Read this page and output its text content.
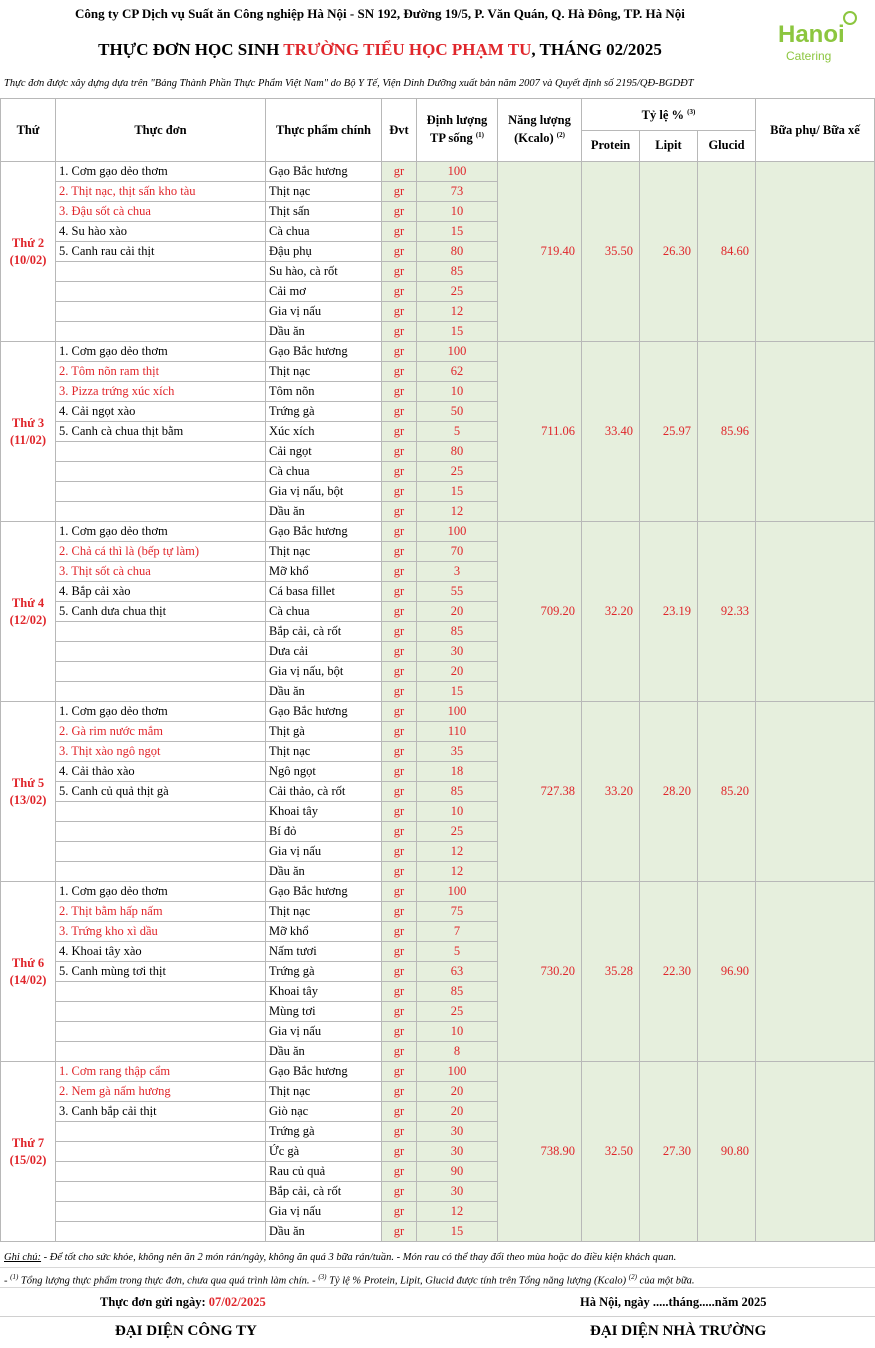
Công ty CP Dịch vụ Suất ăn Công nghiệp Hà Nội - SN 192, Đường 19/5, P. Văn Quán, Q. Hà Đông, TP. Hà Nội
THỰC ĐƠN HỌC SINH TRƯỜNG TIỂU HỌC PHẠM TU, THÁNG 02/2025
Hanoi
Catering
Thực đơn được xây dựng dựa trên "Bảng Thành Phần Thực Phẩm Việt Nam" do Bộ Y Tế, Viện Dinh Dưỡng xuất bản năm 2007 và Quyết định số 2195/QĐ-BGDĐT
Thứ	Thực đơn	Thực phẩm chính	Đvt	Định lượng TP sống $^{(1)}$	Năng lượng (Kcalo) $^{(2)}$	Tỷ lệ % $^{(3)}$			Bữa phụ/ Bữa xế
						Protein	Lipit	Glucid	

Thứ 2
(10/02)	1. Cơm gạo dẻo thơm	Gạo Bắc hương	gr	100	719.40	35.50	26.30	84.60	
	2. Thịt nạc, thịt sấn kho tàu	Thịt nạc	gr	73					
	3. Đậu sốt cà chua	Thịt sấn	gr	10					
	4. Su hào xào	Cà chua	gr	15					
	5. Canh rau cải thịt	Đậu phụ	gr	80					
		Su hào, cà rốt	gr	85					
		Cải mơ	gr	25					
		Gia vị nấu	gr	12					
		Dầu ăn	gr	15					

Thứ 3
(11/02)	1. Cơm gạo dẻo thơm	Gạo Bắc hương	gr	100	711.06	33.40	25.97	85.96	
	2. Tôm nõn ram thịt	Thịt nạc	gr	62					
	3. Pizza trứng xúc xích	Tôm nõn	gr	10					
	4. Cải ngọt xào	Trứng gà	gr	50					
	5. Canh cà chua thịt bằm	Xúc xích	gr	5					
		Cải ngọt	gr	80					
		Cà chua	gr	25					
		Gia vị nấu, bột	gr	15					
		Dầu ăn	gr	12					

Thứ 4
(12/02)	1. Cơm gạo dẻo thơm	Gạo Bắc hương	gr	100	709.20	32.20	23.19	92.33	
	2. Chả cá thì là (bếp tự làm)	Thịt nạc	gr	70					
	3. Thịt sốt cà chua	Mỡ khổ	gr	3					
	4. Bắp cải xào	Cá basa fillet	gr	55					
	5. Canh dưa chua thịt	Cà chua	gr	20					
		Bắp cải, cà rốt	gr	85					
		Dưa cải	gr	30					
		Gia vị nấu, bột	gr	20					
		Dầu ăn	gr	15					

Thứ 5
(13/02)	1. Cơm gạo dẻo thơm	Gạo Bắc hương	gr	100	727.38	33.20	28.20	85.20	
	2. Gà rim nước mắm	Thịt gà	gr	110					
	3. Thịt xào ngô ngọt	Thịt nạc	gr	35					
	4. Cải thảo xào	Ngô ngọt	gr	18					
	5. Canh củ quả thịt gà	Cải thảo, cà rốt	gr	85					
		Khoai tây	gr	10					
		Bí đỏ	gr	25					
		Gia vị nấu	gr	12					
		Dầu ăn	gr	12					

Thứ 6
(14/02)	1. Cơm gạo dẻo thơm	Gạo Bắc hương	gr	100	730.20	35.28	22.30	96.90	
	2. Thịt bằm hấp nấm	Thịt nạc	gr	75					
	3. Trứng kho xì dầu	Mỡ khổ	gr	7					
	4. Khoai tây xào	Nấm tươi	gr	5					
	5. Canh mùng tơi thịt	Trứng gà	gr	63					
		Khoai tây	gr	85					
		Mùng tơi	gr	25					
		Gia vị nấu	gr	10					
		Dầu ăn	gr	8					

Thứ 7
(15/02)	1. Cơm rang thập cẩm	Gạo Bắc hương	gr	100	738.90	32.50	27.30	90.80	
	2. Nem gà nấm hương	Thịt nạc	gr	20					
	3. Canh bắp cải thịt	Giò nạc	gr	20					
		Trứng gà	gr	30					
		Ức gà	gr	30					
		Rau củ quả	gr	90					
		Bắp cải, cà rốt	gr	30					
		Gia vị nấu	gr	12					
		Dầu ăn	gr	15					
Ghi chú: - Để tốt cho sức khỏe, không nên ăn 2 món rán/ngày, không ăn quá 3 bữa rán/tuần. - Món rau có thể thay đổi theo mùa hoặc do điều kiện khách quan.
- $^{(1)}$ Tổng lượng thực phẩm trong thực đơn, chưa qua quá trình làm chín. - $^{(3)}$ Tỷ lệ % Protein, Lipit, Glucid được tính trên Tổng năng lượng (Kcalo) $^{(2)}$ của một bữa.
Thực đơn gửi ngày: 07/02/2025	Hà Nội, ngày .....tháng.....năm 2025
ĐẠI DIỆN CÔNG TY	ĐẠI DIỆN NHÀ TRƯỜNG
